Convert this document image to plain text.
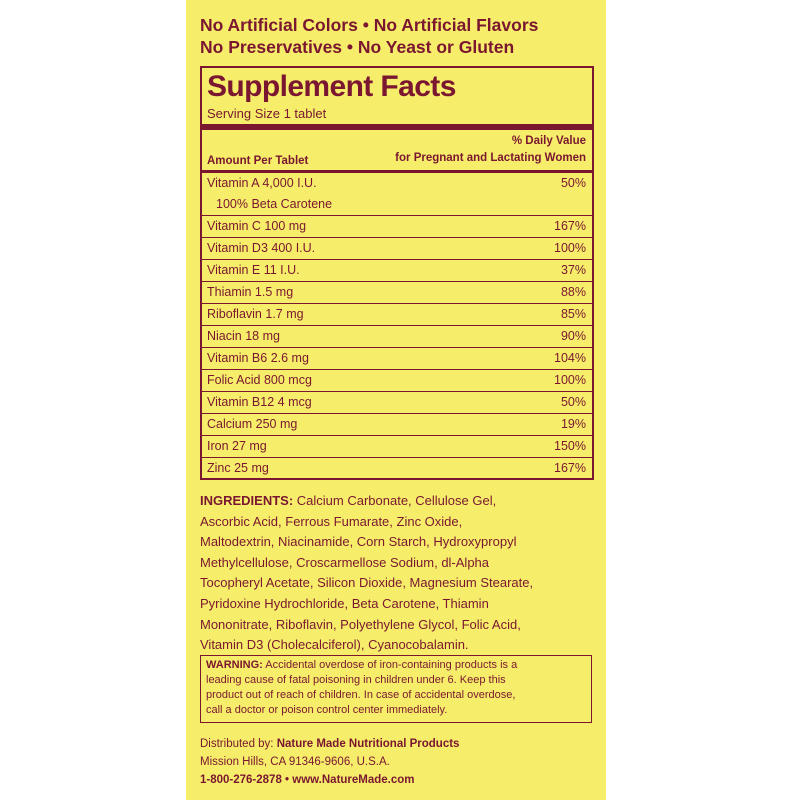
No Artificial Colors • No Artificial Flavors
No Preservatives • No Yeast or Gluten
Supplement Facts
Serving Size 1 tablet
Amount Per Tablet
% Daily Value
for Pregnant and Lactating Women
Vitamin A 4,000 I.U.	50%
100% Beta Carotene
Vitamin C 100 mg	167%
Vitamin D3 400 I.U.	100%
Vitamin E 11 I.U.	37%
Thiamin 1.5 mg	88%
Riboflavin 1.7 mg	85%
Niacin 18 mg	90%
Vitamin B6 2.6 mg	104%
Folic Acid 800 mcg	100%
Vitamin B12 4 mcg	50%
Calcium 250 mg	19%
Iron 27 mg	150%
Zinc 25 mg	167%
INGREDIENTS: Calcium Carbonate, Cellulose Gel,
Ascorbic Acid, Ferrous Fumarate, Zinc Oxide,
Maltodextrin, Niacinamide, Corn Starch, Hydroxypropyl
Methylcellulose, Croscarmellose Sodium, dl-Alpha
Tocopheryl Acetate, Silicon Dioxide, Magnesium Stearate,
Pyridoxine Hydrochloride, Beta Carotene, Thiamin
Mononitrate, Riboflavin, Polyethylene Glycol, Folic Acid,
Vitamin D3 (Cholecalciferol), Cyanocobalamin.
WARNING: Accidental overdose of iron-containing products is a
leading cause of fatal poisoning in children under 6. Keep this
product out of reach of children. In case of accidental overdose,
call a doctor or poison control center immediately.
Distributed by: Nature Made Nutritional Products
Mission Hills, CA 91346-9606, U.S.A.
1-800-276-2878 • www.NatureMade.com
